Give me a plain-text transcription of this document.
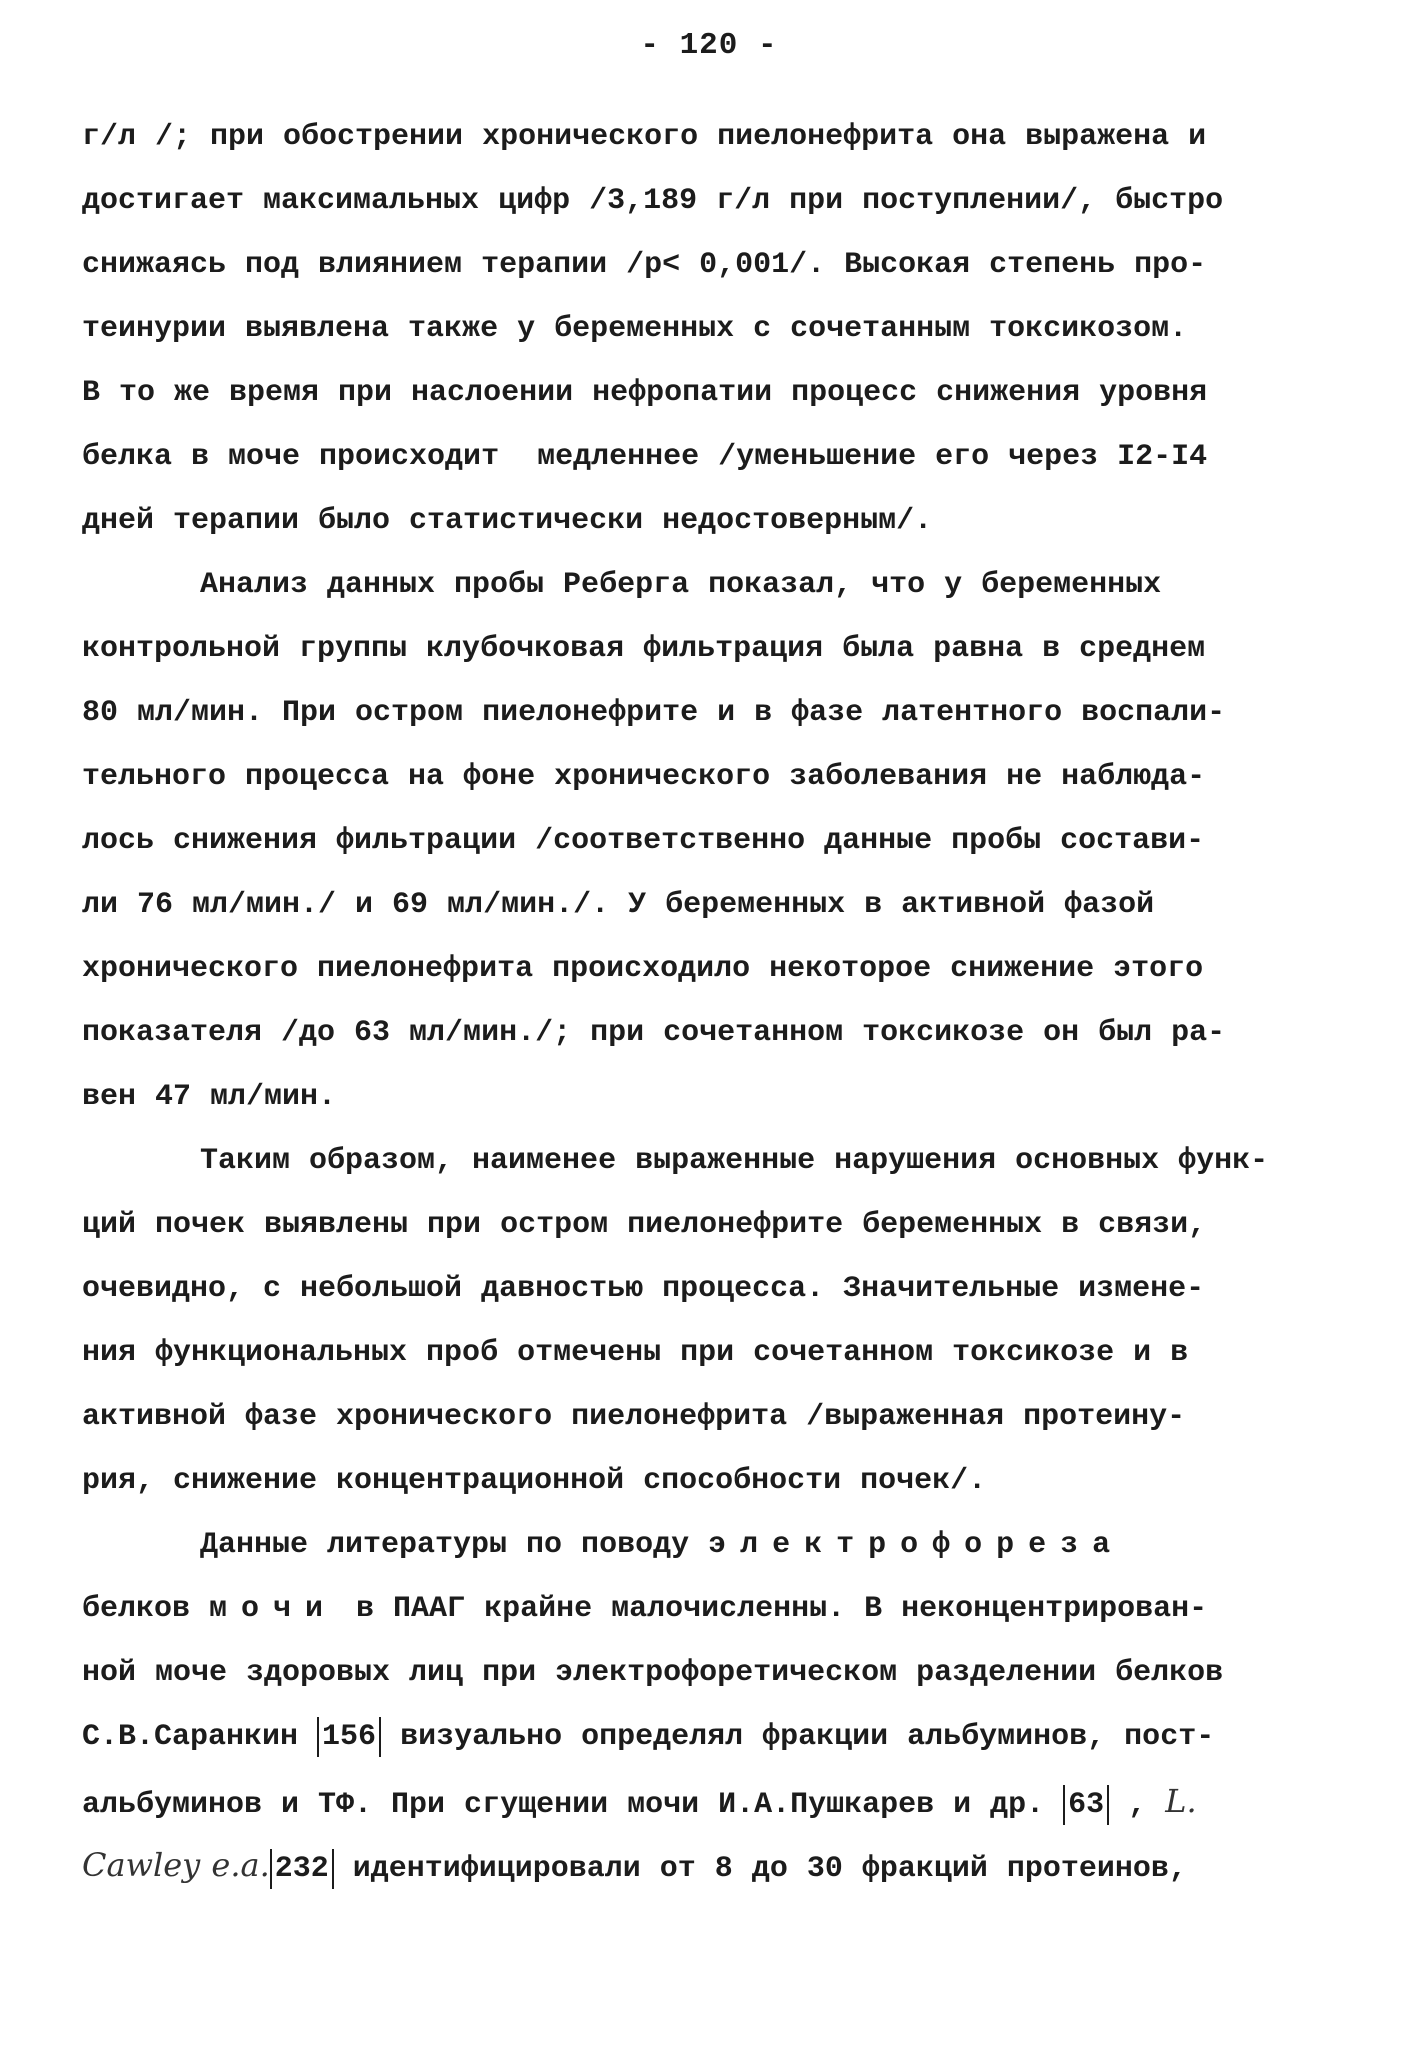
- 120 -
г/л /; при обострении хронического пиелонефрита она выражена и
достигает максимальных цифр /3,189 г/л при поступлении/, быстро
снижаясь под влиянием терапии /р< 0,001/. Высокая степень про-
теинурии выявлена также у беременных с сочетанным токсикозом.
В то же время при наслоении нефропатии процесс снижения уровня
белка в моче происходит  медленнее /уменьшение его через I2-I4
дней терапии было статистически недостоверным/.
Анализ данных пробы Реберга показал, что у беременных
контрольной группы клубочковая фильтрация была равна в среднем
80 мл/мин. При остром пиелонефрите и в фазе латентного воспали-
тельного процесса на фоне хронического заболевания не наблюда-
лось снижения фильтрации /соответственно данные пробы состави-
ли 76 мл/мин./ и 69 мл/мин./. У беременных в активной фазой
хронического пиелонефрита происходило некоторое снижение этого
показателя /до 63 мл/мин./; при сочетанном токсикозе он был ра-
вен 47 мл/мин.
Таким образом, наименее выраженные нарушения основных функ-
ций почек выявлены при остром пиелонефрите беременных в связи,
очевидно, с небольшой давностью процесса. Значительные измене-
ния функциональных проб отмечены при сочетанном токсикозе и в
активной фазе хронического пиелонефрита /выраженная протеину-
рия, снижение концентрационной способности почек/.
Данные литературы по поводу электрофореза
белков мочи в ПААГ крайне малочисленны. В неконцентрирован-
ной моче здоровых лиц при электрофоретическом разделении белков
С.В.Саранкин 156 визуально определял фракции альбуминов, пост-
альбуминов и ТФ. При сгущении мочи И.А.Пушкарев и др. 63 , L.
Cawley e.a. 232 идентифицировали от 8 до 30 фракций протеинов,
